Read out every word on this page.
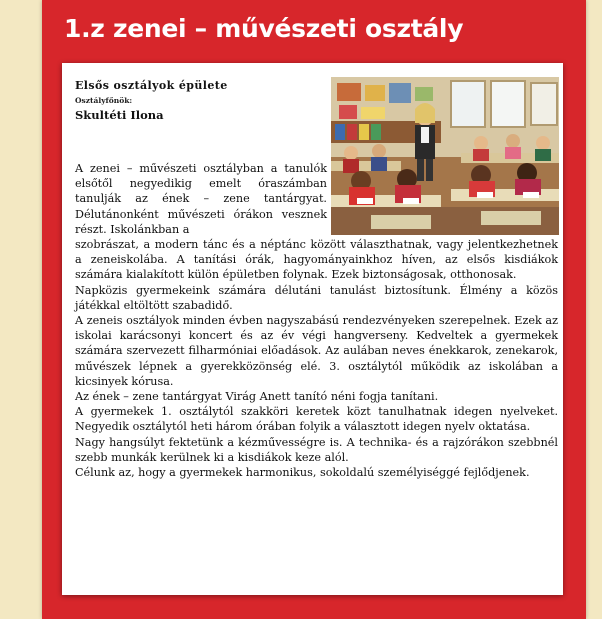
1.z zenei – művészeti osztály
Elsős osztályok épülete
Osztályfőnök:
Skultéti Ilona

A zenei – művészeti osztályban a tanulók elsőtől negyedikig emelt óraszámban tanulják az ének – zene tantárgyat. Délutánonként művészeti órákon vesznek részt. Iskolánkban a

szobrászat, a modern tánc és a néptánc között választhatnak, vagy jelentkezhetnek a zeneiskolába. A tanítási órák, hagyományainkhoz híven, az elsős kisdiákok számára kialakított külön épületben folynak. Ezek biztonságosak, otthonosak.

Napközis gyermekeink számára délutáni tanulást biztosítunk. Élmény a közös játékkal eltöltött szabadidő.

A zeneis osztályok minden évben nagyszabású rendezvényeken szerepelnek. Ezek az iskolai karácsonyi koncert és az év végi hangverseny. Kedveltek a gyermekek számára szervezett filharmóniai előadások. Az aulában neves énekkarok, zenekarok, művészek lépnek a gyerekközönség elé. 3. osztálytól működik az iskolában a kicsinyek kórusa.

Az ének – zene tantárgyat Virág Anett tanító néni fogja tanítani.

A gyermekek 1. osztálytól szakköri keretek közt tanulhatnak idegen nyelveket. Negyedik osztálytól heti három órában folyik a választott idegen nyelv oktatása.

Nagy hangsúlyt fektetünk a kézművességre is. A technika- és a rajzórákon szebbnél szebb munkák kerülnek ki a kisdiákok keze alól.

Célunk az, hogy a gyermekek harmonikus, sokoldalú személyiséggé fejlődjenek.
